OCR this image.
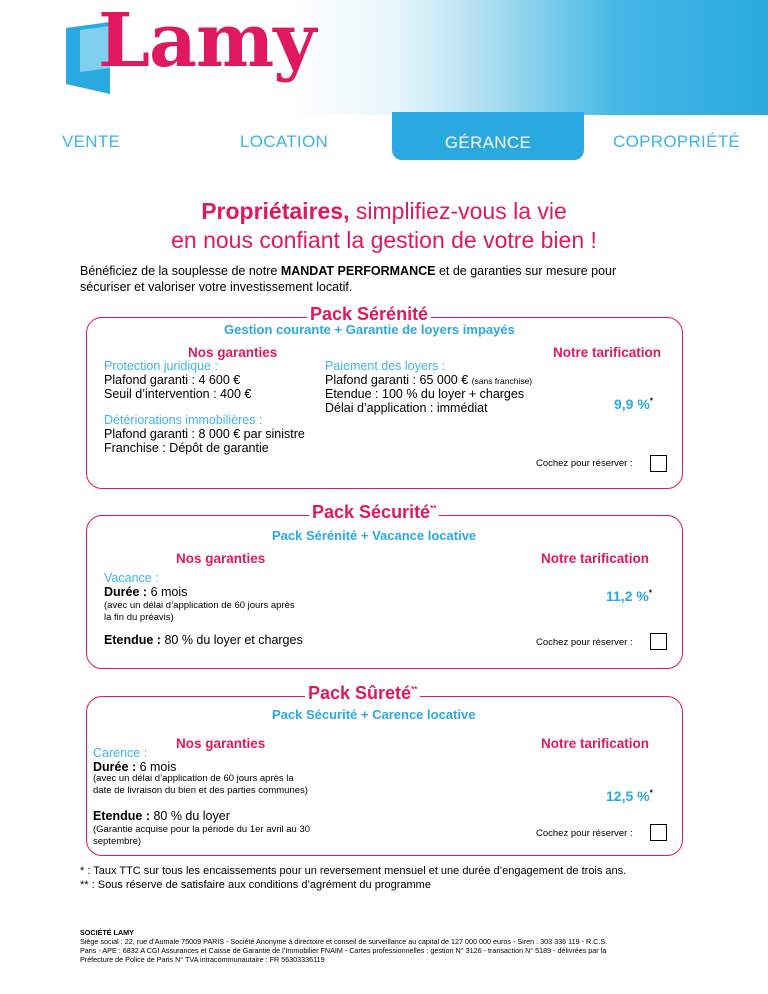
Lamy
VENTE	LOCATION	GÉRANCE	COPROPRIÉTÉ
Propriétaires, simplifiez-vous la vie
en nous confiant la gestion de votre bien !
Bénéficiez de la souplesse de notre MANDAT PERFORMANCE et de garanties sur mesure pour
sécuriser et valoriser votre investissement locatif.
Pack Sérénité
Gestion courante + Garantie de loyers impayés
Nos garanties	Notre tarification
Protection juridique :
Plafond garanti : 4 600 €
Seuil d’intervention : 400 €
Paiement des loyers :
Plafond garanti : 65 000 € (sans franchise)
Etendue : 100 % du loyer + charges
Délai d’application : immédiat
Détériorations immobilières :
Plafond garanti : 8 000 € par sinistre
Franchise : Dépôt de garantie
9,9 %*
Cochez pour réserver :
Pack Sécurité**
Pack Sérénité + Vacance locative
Nos garanties	Notre tarification
Vacance :
Durée : 6 mois
(avec un délai d’application de 60 jours après
la fin du préavis)
Etendue : 80 % du loyer et charges
11,2 %*
Cochez pour réserver :
Pack Sûreté**
Pack Sécurité + Carence locative
Nos garanties	Notre tarification
Carence :
Durée : 6 mois
(avec un délai d’application de 60 jours après la
date de livraison du bien et des parties communes)
Etendue : 80 % du loyer
(Garantie acquise pour la période du 1er avril au 30
septembre)
12,5 %*
Cochez pour réserver :
* : Taux TTC sur tous les encaissements pour un reversement mensuel et une durée d’engagement de trois ans.
** : Sous réserve de satisfaire aux conditions d’agrément du programme
SOCIÉTÉ LAMY
Siège social : 22, rue d’Aumale 75009 PARIS - Société Anonyme à directoire et conseil de surveillance au capital de 127 000 000 euros - Siren : 303 336 119 - R.C.S.
Paris - APE : 6832 A CGI Assurances et Caisse de Garantie de l’Immobilier FNAIM - Cartes professionnelles : gestion N° 3126 - transaction N° 5189 - délivrées par la
Préfecture de Police de Paris N° TVA intracommunautaire : FR 56303336119
